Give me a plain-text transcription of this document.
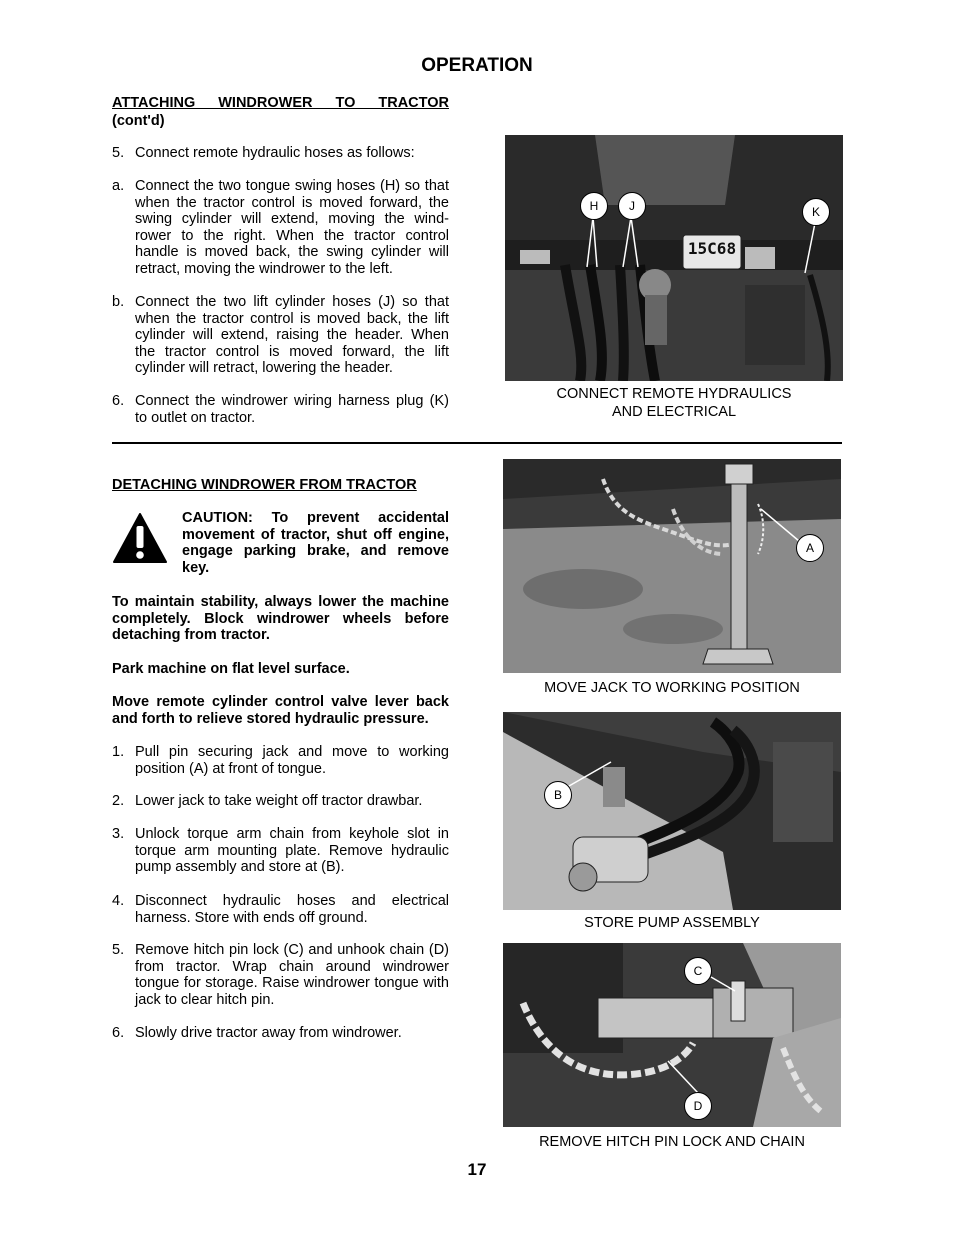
OPERATION
ATTACHING WINDROWER TO TRACTOR
(cont'd)
5. Connect remote hydraulic hoses as follows:
a. Connect the two tongue swing hoses (H) so that when the tractor control is moved forward, the swing cylinder will extend, moving the wind-rower to the right. When the tractor control handle is moved back, the swing cylinder will retract, moving the windrower to the left.
b. Connect the two lift cylinder hoses (J) so that when the tractor control is moved back, the lift cylinder will extend, raising the header. When the tractor control is moved forward, the lift cylinder will retract, lowering the header.
6. Connect the windrower wiring harness plug (K) to outlet on tractor.
15C68
H	J	K
CONNECT REMOTE HYDRAULICS
AND ELECTRICAL
DETACHING WINDROWER FROM TRACTOR
CAUTION: To prevent accidental movement of tractor, shut off engine, engage parking brake, and remove key.
To maintain stability, always lower the machine completely. Block windrower wheels before detaching from tractor.
Park machine on flat level surface.
Move remote cylinder control valve lever back and forth to relieve stored hydraulic pressure.
1. Pull pin securing jack and move to working position (A) at front of tongue.
2. Lower jack to take weight off tractor drawbar.
3. Unlock torque arm chain from keyhole slot in torque arm mounting plate. Remove hydraulic pump assembly and store at (B).
4. Disconnect hydraulic hoses and electrical harness. Store with ends off ground.
5. Remove hitch pin lock (C) and unhook chain (D) from tractor. Wrap chain around windrower tongue for storage. Raise windrower tongue with jack to clear hitch pin.
6. Slowly drive tractor away from windrower.
A
MOVE JACK TO WORKING POSITION
B
STORE PUMP ASSEMBLY
C
D
REMOVE HITCH PIN LOCK AND CHAIN
17
